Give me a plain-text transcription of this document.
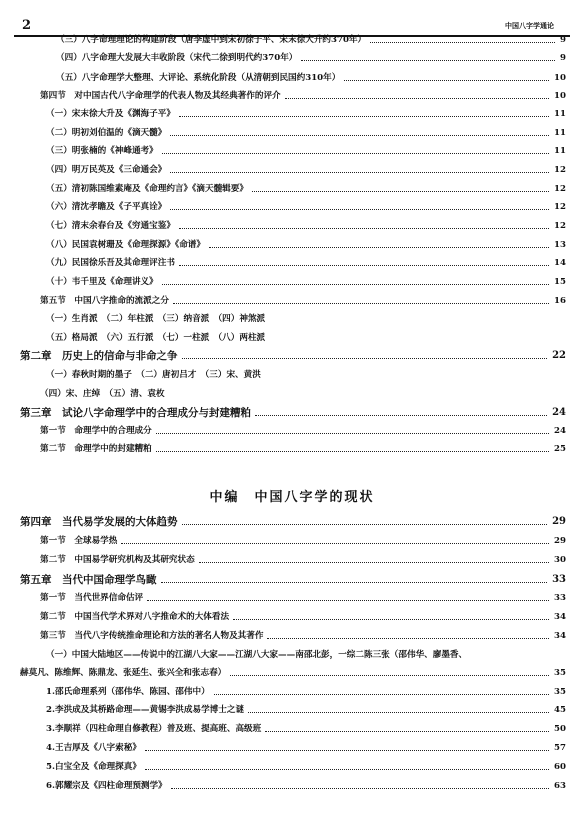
2	中国八字学通论
（三）八字命理理论的构建阶段（唐李虚中到宋初徐子平、宋末徐大升约370年）	9
（四）八字命理大发展大丰收阶段（宋代二徐到明代约370年）	9
（五）八字命理学大整理、大评论、系统化阶段（从清朝到民国约310年）	10
第四节　对中国古代八字命理学的代表人物及其经典著作的评介	10
（一）宋末徐大升及《渊海子平》	11
（二）明初刘伯温的《滴天髓》	11
（三）明张楠的《神峰通考》	11
（四）明万民英及《三命通会》	12
（五）清初陈国维素庵及《命理约言》《滴天髓辑要》	12
（六）清沈孝瞻及《子平真诠》	12
（七）清末余春台及《穷通宝鉴》	12
（八）民国袁树珊及《命理探源》《命谱》	13
（九）民国徐乐吾及其命理评注书	14
（十）韦千里及《命理讲义》	15
第五节　中国八字推命的流派之分	16
（一）生肖派　（二）年柱派　（三）纳音派　（四）神煞派
（五）格局派　（六）五行派　（七）一柱派　（八）两柱派
第二章　历史上的信命与非命之争	22
（一）春秋时期的墨子　（二）唐初吕才　（三）宋、黄洪
（四）宋、庄绰　（五）清、袁枚
第三章　试论八字命理学中的合理成分与封建糟粕	24
第一节　命理学中的合理成分	24
第二节　命理学中的封建糟粕	25
中编　中国八字学的现状
第四章　当代易学发展的大体趋势	29
第一节　全球易学热	29
第二节　中国易学研究机构及其研究状态	30
第五章　当代中国命理学鸟瞰	33
第一节　当代世界信命估评	33
第二节　中国当代学术界对八字推命术的大体看法	34
第三节　当代八字传统推命理论和方法的著名人物及其著作	34
（一）中国大陆地区——传说中的江湖八大家——江湖八大家——南邵北彭，一综二陈三张（邵伟华、廖墨香、
赫莫凡、陈维辉、陈鼎龙、张延生、张兴全和张志春）	35
1.邵氏命理系列（邵伟华、陈园、邵伟中）	35
2.李洪成及其桥路命理——黄锡李洪成易学博士之谜	45
3.李顺祥（四柱命理自修教程）普及班、提高班、高级班	50
4.王吉厚及《八字索秘》	57
5.白宝全及《命理探真》	60
6.郭耀宗及《四柱命理预测学》	63
